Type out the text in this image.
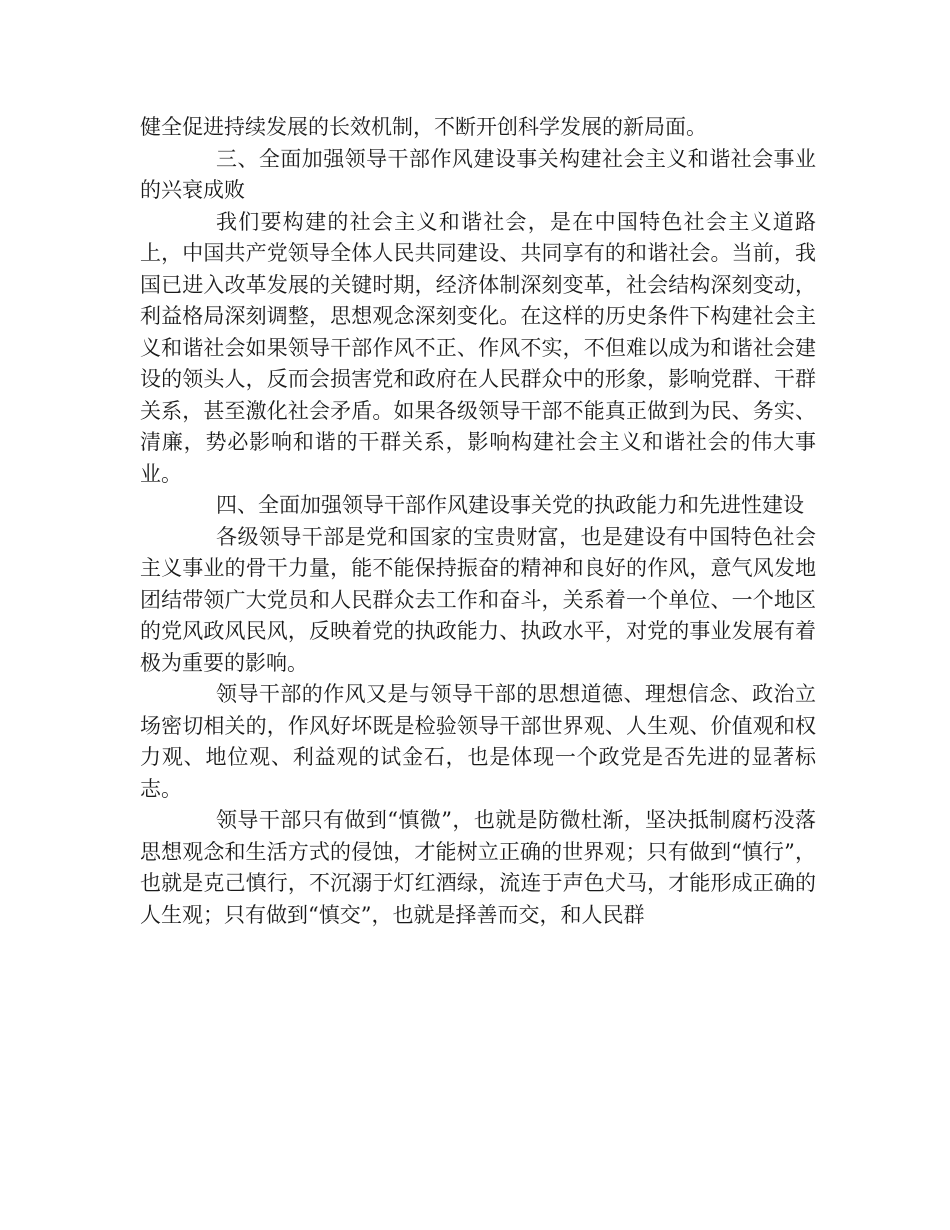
健全促进持续发展的长效机制，不断开创科学发展的新局面。

三、全面加强领导干部作风建设事关构建社会主义和谐社会事业的兴衰成败

我们要构建的社会主义和谐社会，是在中国特色社会主义道路上，中国共产党领导全体人民共同建设、共同享有的和谐社会。当前，我国已进入改革发展的关键时期，经济体制深刻变革，社会结构深刻变动，利益格局深刻调整，思想观念深刻变化。在这样的历史条件下构建社会主义和谐社会如果领导干部作风不正、作风不实，不但难以成为和谐社会建设的领头人，反而会损害党和政府在人民群众中的形象，影响党群、干群关系，甚至激化社会矛盾。如果各级领导干部不能真正做到为民、务实、清廉，势必影响和谐的干群关系，影响构建社会主义和谐社会的伟大事业。

四、全面加强领导干部作风建设事关党的执政能力和先进性建设

各级领导干部是党和国家的宝贵财富，也是建设有中国特色社会主义事业的骨干力量，能不能保持振奋的精神和良好的作风，意气风发地团结带领广大党员和人民群众去工作和奋斗，关系着一个单位、一个地区的党风政风民风，反映着党的执政能力、执政水平，对党的事业发展有着极为重要的影响。

领导干部的作风又是与领导干部的思想道德、理想信念、政治立场密切相关的，作风好坏既是检验领导干部世界观、人生观、价值观和权力观、地位观、利益观的试金石，也是体现一个政党是否先进的显著标志。

领导干部只有做到“慎微”，也就是防微杜渐，坚决抵制腐朽没落思想观念和生活方式的侵蚀，才能树立正确的世界观；只有做到“慎行”，也就是克己慎行，不沉溺于灯红酒绿，流连于声色犬马，才能形成正确的人生观；只有做到“慎交”，也就是择善而交，和人民群
